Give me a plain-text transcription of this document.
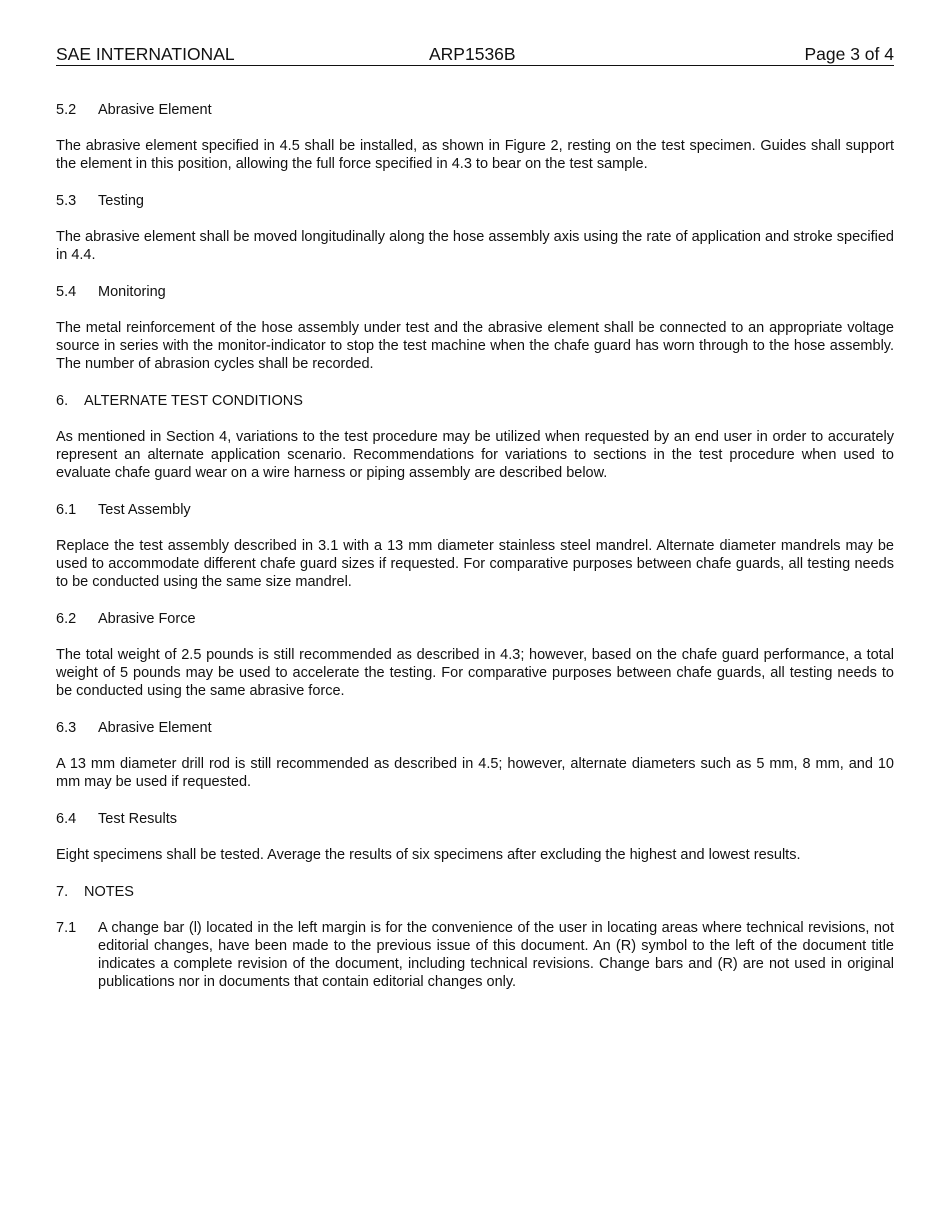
SAE INTERNATIONAL	ARP1536B	Page 3 of 4
5.2 Abrasive Element

The abrasive element specified in 4.5 shall be installed, as shown in Figure 2, resting on the test specimen. Guides shall support the element in this position, allowing the full force specified in 4.3 to bear on the test sample.

5.3 Testing

The abrasive element shall be moved longitudinally along the hose assembly axis using the rate of application and stroke specified in 4.4.

5.4 Monitoring

The metal reinforcement of the hose assembly under test and the abrasive element shall be connected to an appropriate voltage source in series with the monitor-indicator to stop the test machine when the chafe guard has worn through to the hose assembly. The number of abrasion cycles shall be recorded.

6. ALTERNATE TEST CONDITIONS

As mentioned in Section 4, variations to the test procedure may be utilized when requested by an end user in order to accurately represent an alternate application scenario. Recommendations for variations to sections in the test procedure when used to evaluate chafe guard wear on a wire harness or piping assembly are described below.

6.1 Test Assembly

Replace the test assembly described in 3.1 with a 13 mm diameter stainless steel mandrel. Alternate diameter mandrels may be used to accommodate different chafe guard sizes if requested. For comparative purposes between chafe guards, all testing needs to be conducted using the same size mandrel.

6.2 Abrasive Force

The total weight of 2.5 pounds is still recommended as described in 4.3; however, based on the chafe guard performance, a total weight of 5 pounds may be used to accelerate the testing. For comparative purposes between chafe guards, all testing needs to be conducted using the same abrasive force.

6.3 Abrasive Element

A 13 mm diameter drill rod is still recommended as described in 4.5; however, alternate diameters such as 5 mm, 8 mm, and 10 mm may be used if requested.

6.4 Test Results

Eight specimens shall be tested. Average the results of six specimens after excluding the highest and lowest results.

7. NOTES
7.1 A change bar (l) located in the left margin is for the convenience of the user in locating areas where technical revisions, not editorial changes, have been made to the previous issue of this document. An (R) symbol to the left of the document title indicates a complete revision of the document, including technical revisions. Change bars and (R) are not used in original publications nor in documents that contain editorial changes only.
